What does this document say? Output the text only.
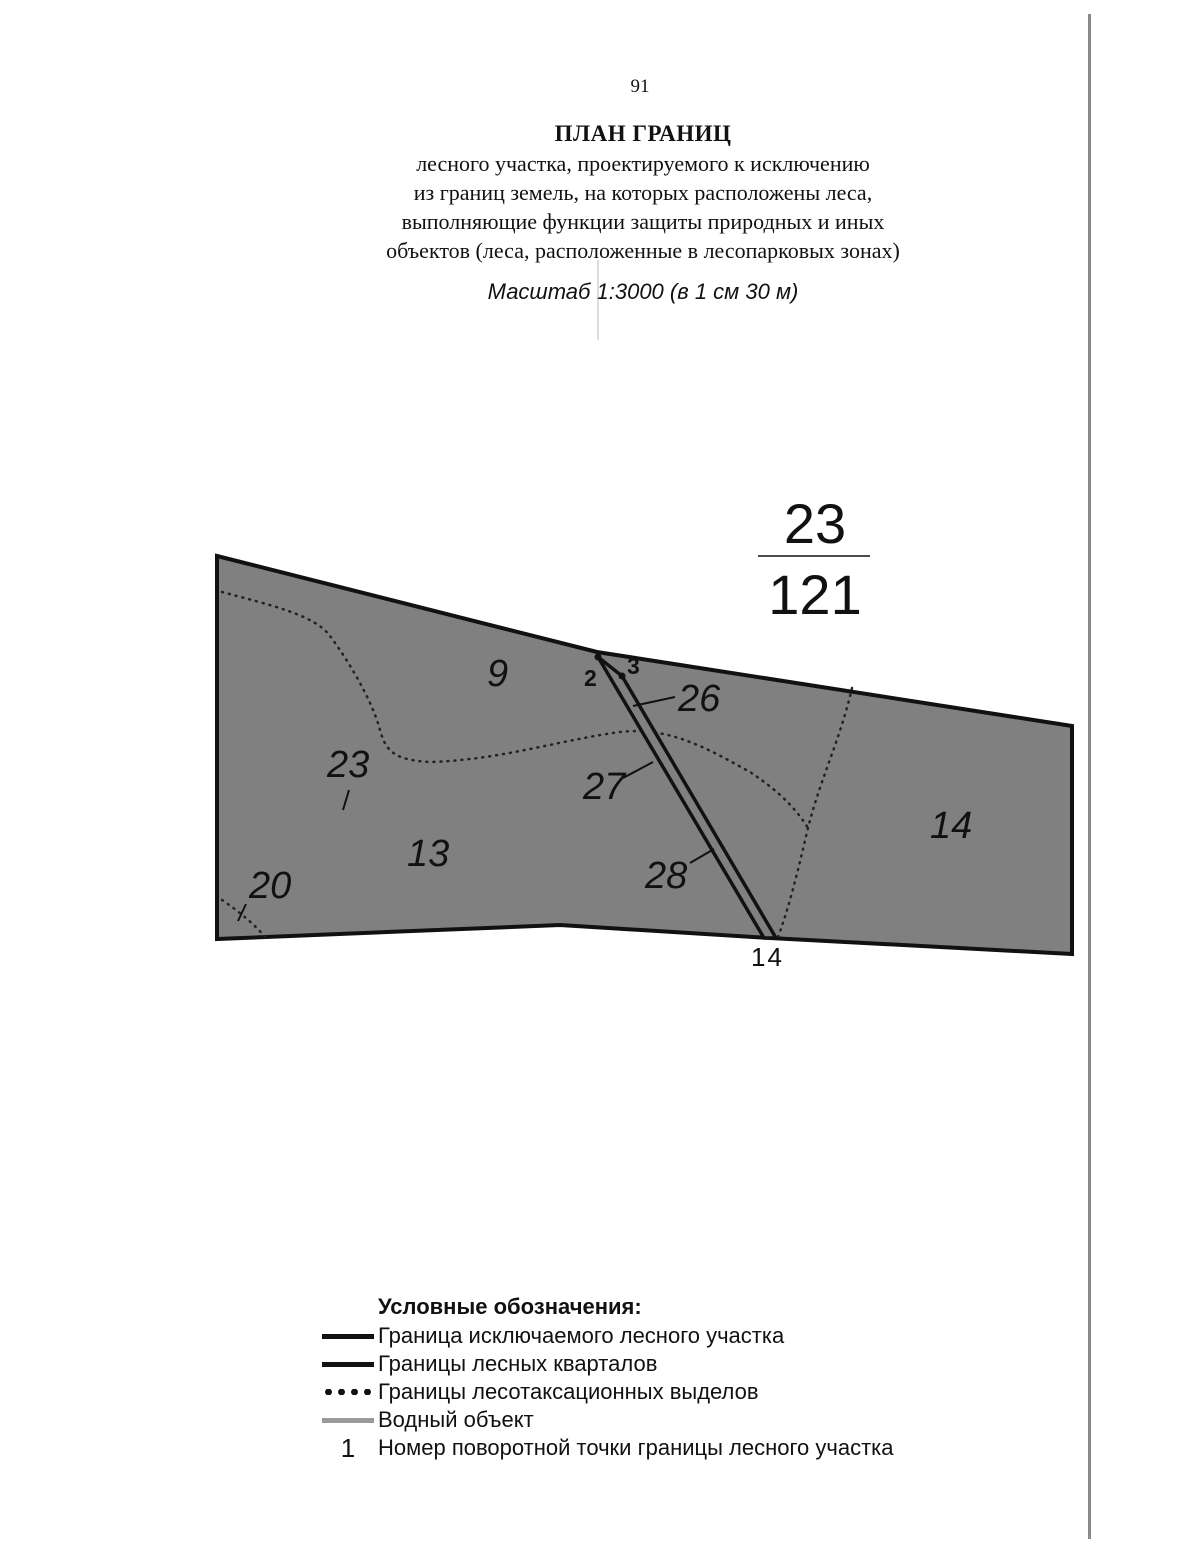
91
ПЛАН ГРАНИЦ
лесного участка, проектируемого к исключению
из границ земель, на которых расположены леса,
выполняющие функции защиты природных и иных
объектов (леса, расположенные в лесопарковых зонах)
Масштаб 1:3000 (в 1 см 30 м)
23
121
9
23
13
20
26
27
28
14
2 3
14
Условные обозначения:
Граница исключаемого лесного участка
Границы лесных кварталов
Границы лесотаксационных выделов
Водный объект
1	Номер поворотной точки границы лесного участка
